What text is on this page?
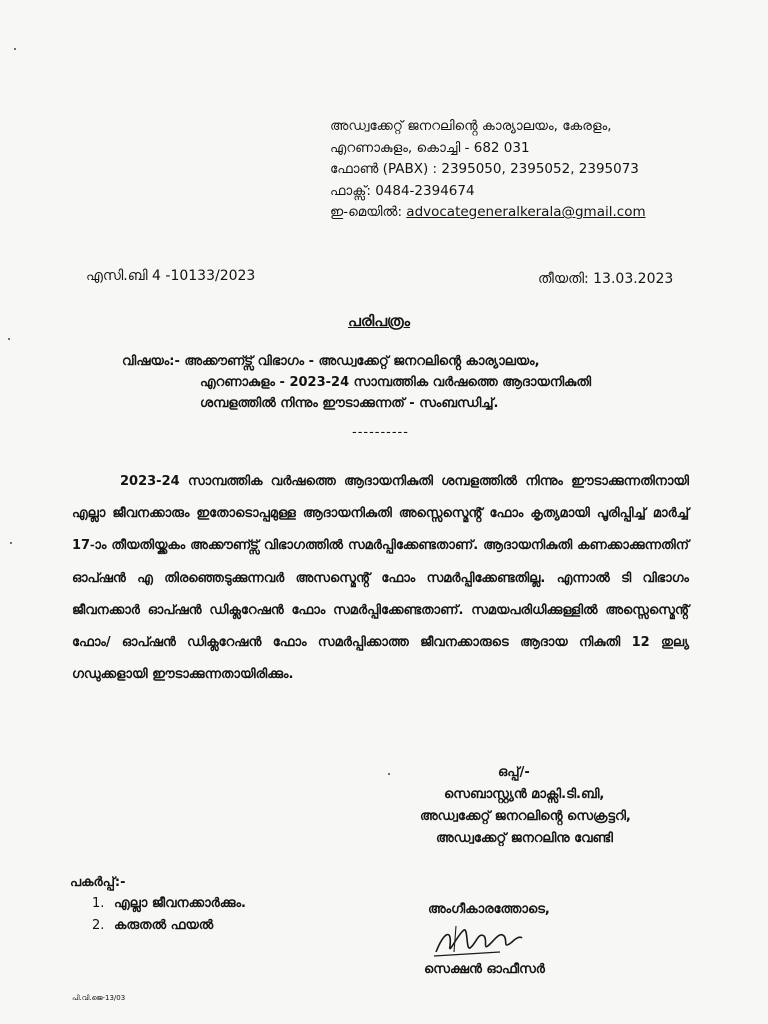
അഡ്വക്കേറ്റ് ജനറലിൻ്റെ കാര്യാലയം, കേരളം,
എറണാകുളം, കൊച്ചി - 682 031
ഫോൺ (PABX) : 2395050, 2395052, 2395073
ഫാക്സ്: 0484-2394674
ഇ-മെയിൽ: advocategeneralkerala@gmail.com
എസി.ബി 4 -10133/2023	തീയതി: 13.03.2023
പരിപത്രം
വിഷയം:-
അക്കൗണ്ട്സ് വിഭാഗം - അഡ്വക്കേറ്റ് ജനറലിൻ്റെ കാര്യാലയം,
എറണാകുളം - 2023-24 സാമ്പത്തിക വർഷത്തെ ആദായനികുതി
ശമ്പളത്തിൽ നിന്നും ഈടാക്കുന്നത് - സംബന്ധിച്ച്.
----------

2023-24 സാമ്പത്തിക വർഷത്തെ ആദായനികുതി ശമ്പളത്തിൽ നിന്നും ഈടാക്കുന്നതിനായി എല്ലാ ജീവനക്കാരും ഇതോടൊപ്പമുള്ള ആദായനികുതി അസ്സെസ്മെൻ്റ് ഫോം കൃത്യമായി പൂരിപ്പിച്ച് മാർച്ച് 17-ാം തീയതിയ്ക്കകം അക്കൗണ്ട്സ് വിഭാഗത്തിൽ സമർപ്പിക്കേണ്ടതാണ്. ആദായനികുതി കണക്കാക്കുന്നതിന് ഓപ്ഷൻ എ തിരഞ്ഞെടുക്കുന്നവർ അസസ്മെൻ്റ് ഫോം സമർപ്പിക്കേണ്ടതില്ല. എന്നാൽ ടി വിഭാഗം ജീവനക്കാർ ഓപ്ഷൻ ഡിക്ലറേഷൻ ഫോം സമർപ്പിക്കേണ്ടതാണ്. സമയപരിധിക്കുള്ളിൽ അസ്സെസ്മെൻ്റ് ഫോം/ ഓപ്ഷൻ ഡിക്ലറേഷൻ ഫോം സമർപ്പിക്കാത്ത ജീവനക്കാരുടെ ആദായ നികുതി 12 തുല്യ ഗഡുക്കളായി ഈടാക്കുന്നതായിരിക്കും.

ഒപ്പ്/-
സെബാസ്റ്റ്യൻ മാക്സി.ടി.ബി,
അഡ്വക്കേറ്റ് ജനറലിൻ്റെ സെക്രട്ടറി,
അഡ്വക്കേറ്റ് ജനറലിനു വേണ്ടി
പകർപ്പ്:-
1. എല്ലാ ജീവനക്കാർക്കും.
2. കരുതൽ ഫയൽ
അംഗീകാരത്തോടെ,
സെക്ഷൻ ഓഫീസർ
പി.വി.ജെ-13/03
